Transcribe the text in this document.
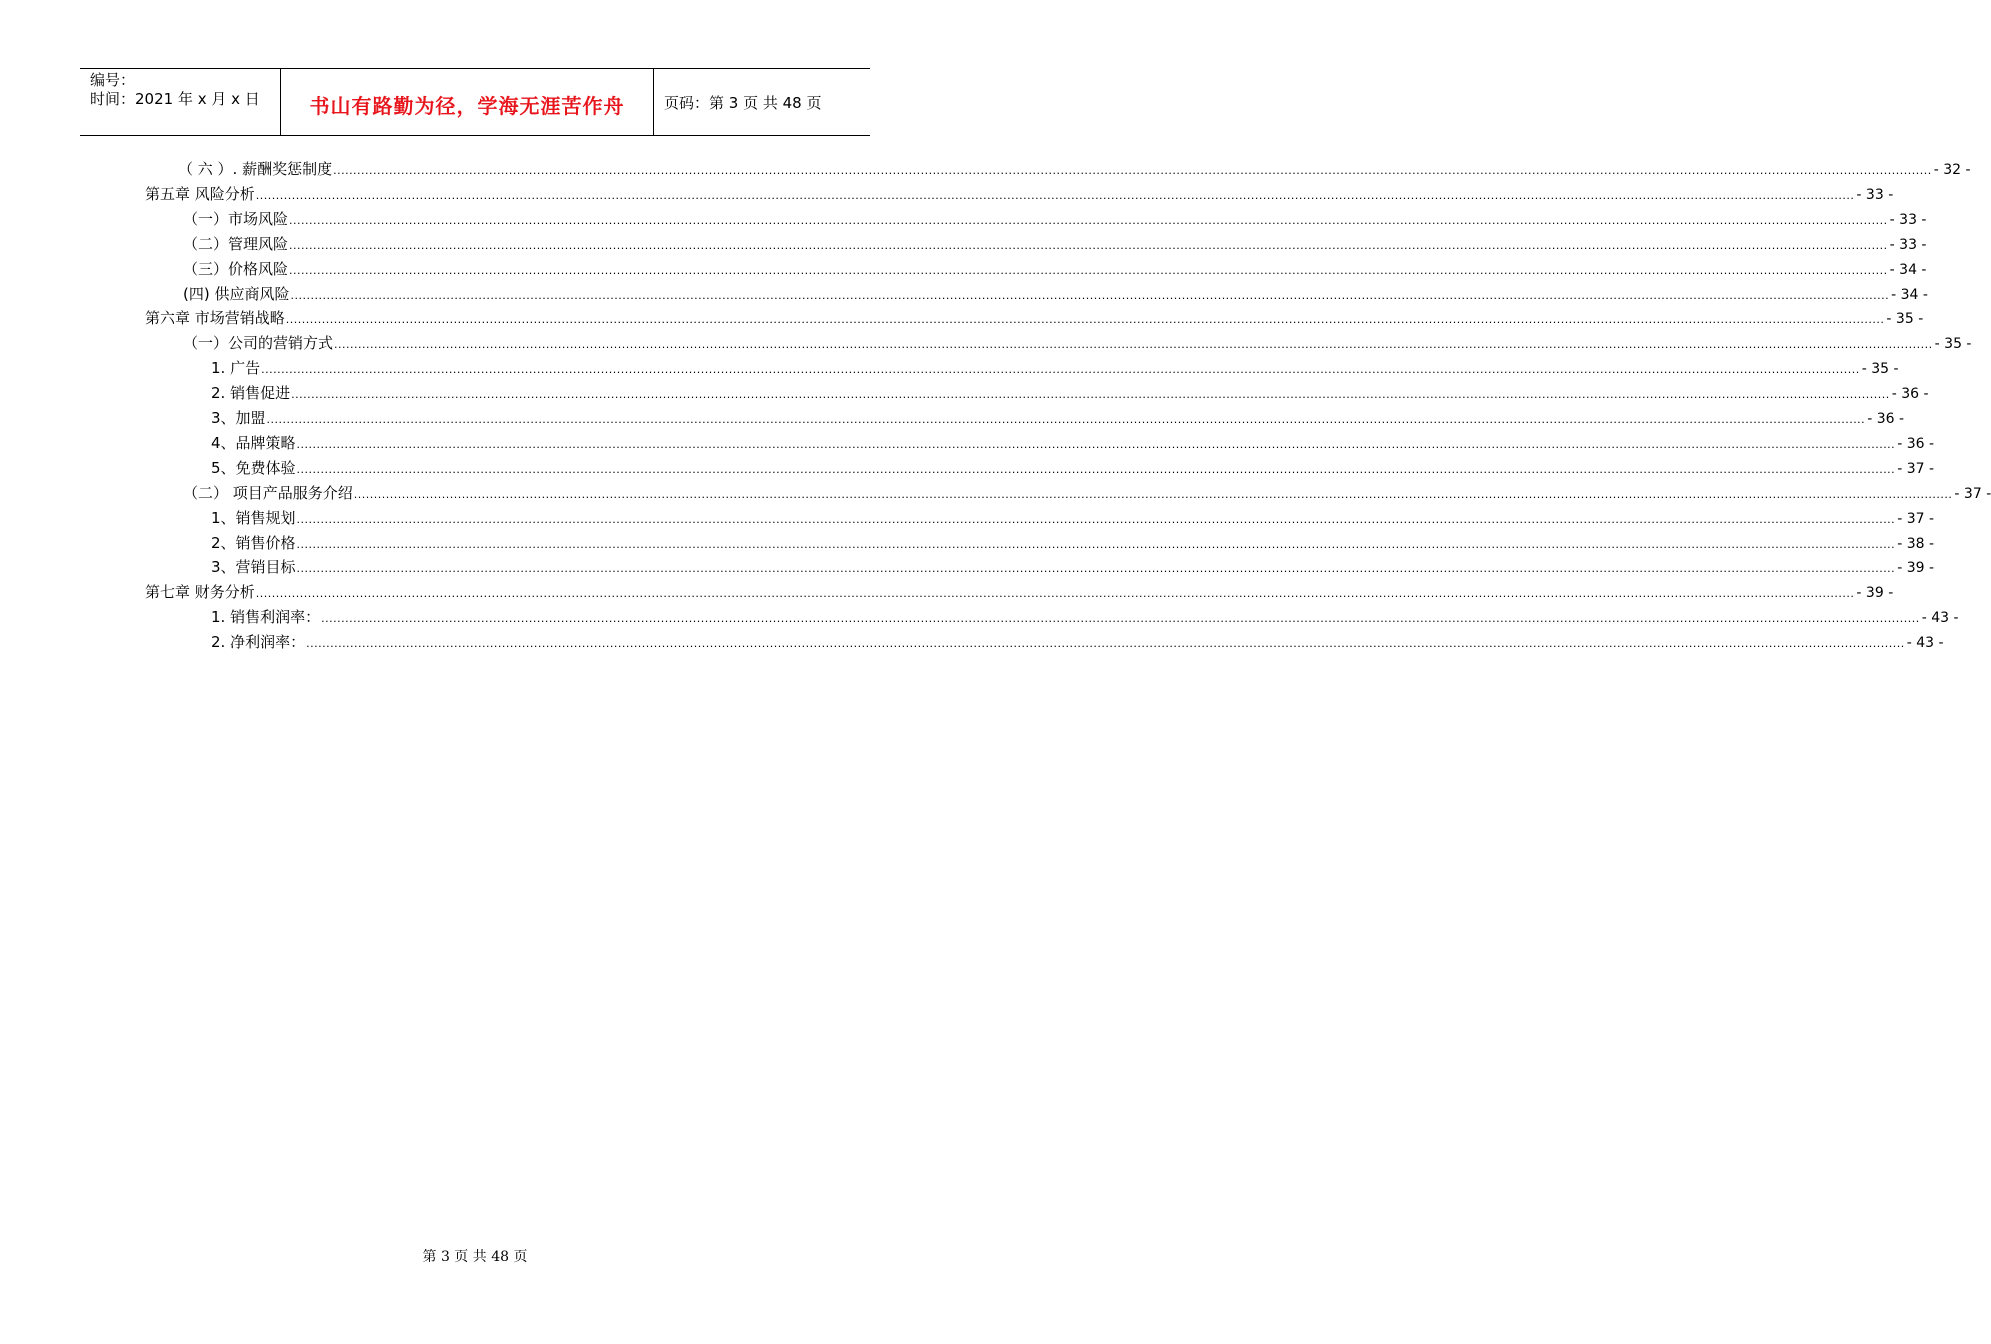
编号：
时间：2021 年 x 月 x 日	书山有路勤为径，学海无涯苦作舟	页码：第 3 页 共 48 页
（ 六 ）. 薪酬奖惩制度 ................................................................................................................................................................................................................................................................................................................................................................................................................ - 32 -
第五章 风险分析 ................................................................................................................................................................................................................................................................................................................................................................................................................ - 33 -
（一）市场风险 ................................................................................................................................................................................................................................................................................................................................................................................................................ - 33 -
（二）管理风险 ................................................................................................................................................................................................................................................................................................................................................................................................................ - 33 -
（三）价格风险 ................................................................................................................................................................................................................................................................................................................................................................................................................ - 34 -
(四) 供应商风险 ................................................................................................................................................................................................................................................................................................................................................................................................................ - 34 -
第六章 市场营销战略 ................................................................................................................................................................................................................................................................................................................................................................................................................ - 35 -
（一）公司的营销方式 ................................................................................................................................................................................................................................................................................................................................................................................................................ - 35 -
1. 广告 ................................................................................................................................................................................................................................................................................................................................................................................................................ - 35 -
2. 销售促进 ................................................................................................................................................................................................................................................................................................................................................................................................................ - 36 -
3、加盟 ................................................................................................................................................................................................................................................................................................................................................................................................................ - 36 -
4、品牌策略 ................................................................................................................................................................................................................................................................................................................................................................................................................ - 36 -
5、免费体验 ................................................................................................................................................................................................................................................................................................................................................................................................................ - 37 -
（二） 项目产品服务介绍 ................................................................................................................................................................................................................................................................................................................................................................................................................ - 37 -
1、销售规划 ................................................................................................................................................................................................................................................................................................................................................................................................................ - 37 -
2、销售价格 ................................................................................................................................................................................................................................................................................................................................................................................................................ - 38 -
3、营销目标 ................................................................................................................................................................................................................................................................................................................................................................................................................ - 39 -
第七章 财务分析 ................................................................................................................................................................................................................................................................................................................................................................................................................ - 39 -
1. 销售利润率： ................................................................................................................................................................................................................................................................................................................................................................................................................ - 43 -
2. 净利润率： ................................................................................................................................................................................................................................................................................................................................................................................................................ - 43 -
第 3 页 共 48 页
